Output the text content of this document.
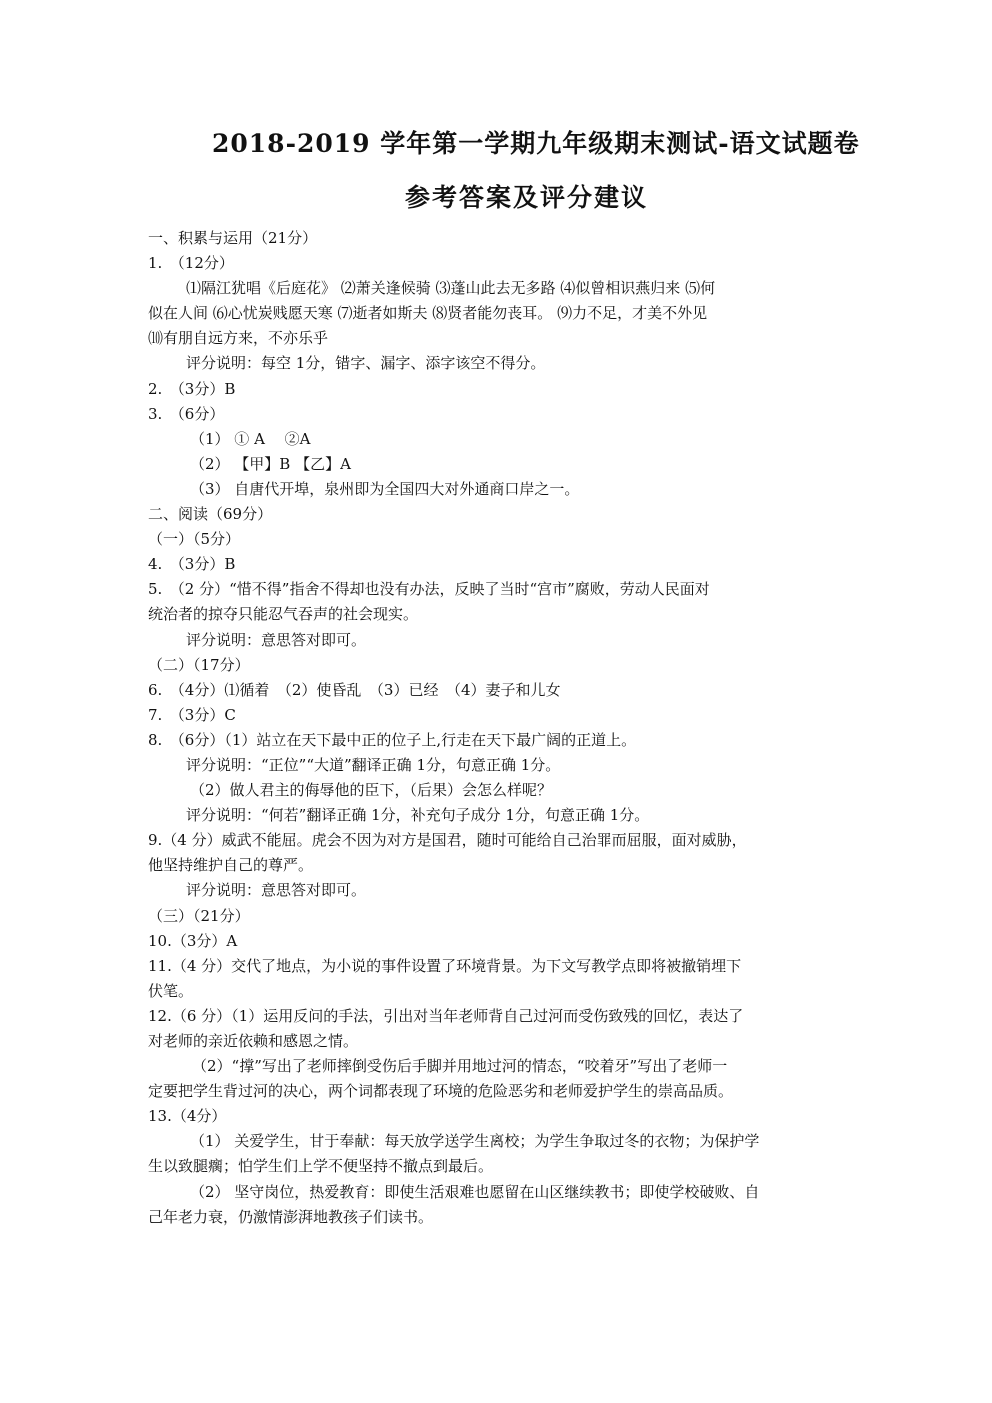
2018-2019 学年第一学期九年级期末测试-语文试题卷
参考答案及评分建议
一、积累与运用（21分）
1.　（12分）
⑴隔江犹唱《后庭花》 ⑵萧关逢候骑 ⑶蓬山此去无多路 ⑷似曾相识燕归来 ⑸何
似在人间 ⑹心忧炭贱愿天寒 ⑺逝者如斯夫 ⑻贤者能勿丧耳。 ⑼力不足，才美不外见
⑽有朋自远方来，不亦乐乎
评分说明：每空 1分，错字、漏字、添字该空不得分。
2.　（3分）B
3.　（6分）
（1） ① A　 ②A
（2） 【甲】B 【乙】A
（3） 自唐代开埠，泉州即为全国四大对外通商口岸之一。
二、阅读（69分）
（一）（5分）
4.　（3分）B
5.　（2 分）“惜不得”指舍不得却也没有办法，反映了当时“宫市”腐败，劳动人民面对
统治者的掠夺只能忍气吞声的社会现实。
评分说明：意思答对即可。
（二）（17分）
6.　（4分）⑴循着　（2）使昏乱　（3）已经　（4）妻子和儿女
7.　（3分）C
8.　（6分）（1）站立在天下最中正的位子上,行走在天下最广阔的正道上。
评分说明：“正位”“大道”翻译正确 1分，句意正确 1分。
（2）做人君主的侮辱他的臣下，（后果）会怎么样呢？
评分说明：“何若”翻译正确 1分，补充句子成分 1分，句意正确 1分。
9.（4 分）威武不能屈。虎会不因为对方是国君，随时可能给自己治罪而屈服，面对威胁，
他坚持维护自己的尊严。
评分说明：意思答对即可。
（三）（21分）
10.（3分）A
11.（4 分）交代了地点，为小说的事件设置了环境背景。为下文写教学点即将被撤销埋下
伏笔。
12.（6 分）（1）运用反问的手法，引出对当年老师背自己过河而受伤致残的回忆，表达了
对老师的亲近依赖和感恩之情。
（2）“撑”写出了老师摔倒受伤后手脚并用地过河的情态，“咬着牙”写出了老师一
定要把学生背过河的决心，两个词都表现了环境的危险恶劣和老师爱护学生的崇高品质。
13.（4分）
（1） 关爱学生，甘于奉献：每天放学送学生离校；为学生争取过冬的衣物；为保护学
生以致腿瘸；怕学生们上学不便坚持不撤点到最后。
（2） 坚守岗位，热爱教育：即使生活艰难也愿留在山区继续教书；即使学校破败、自
己年老力衰，仍激情澎湃地教孩子们读书。
